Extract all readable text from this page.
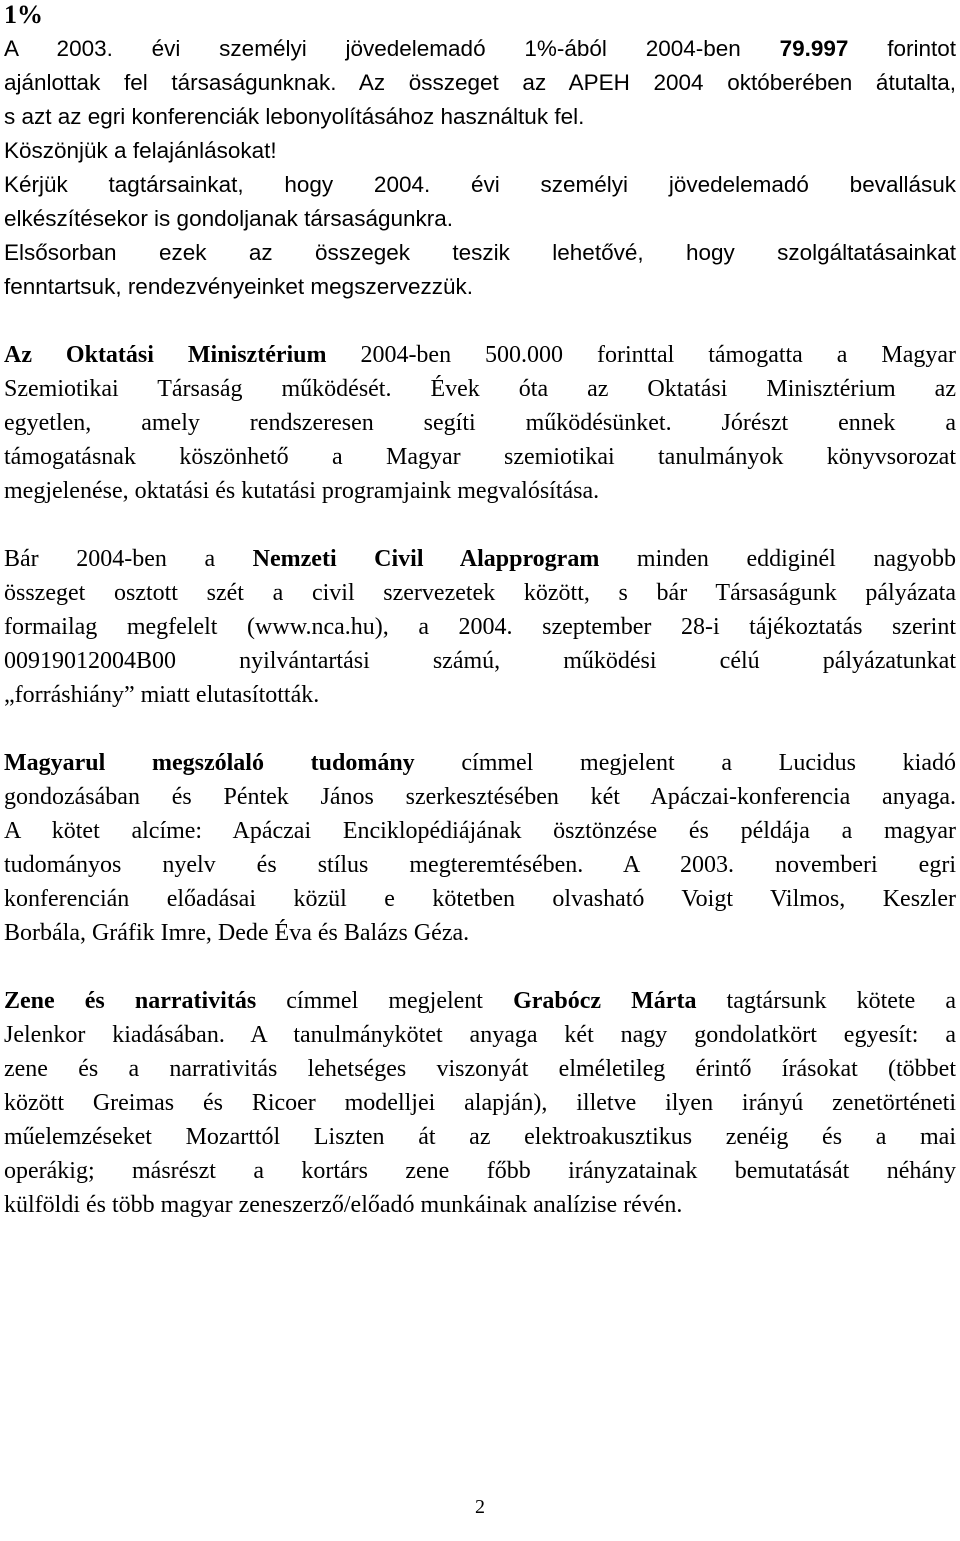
1%
A 2003. évi személyi jövedelemadó 1%-ából 2004-ben 79.997 forintot
ajánlottak fel társaságunknak. Az összeget az APEH 2004 októberében átutalta,
s azt az egri konferenciák lebonyolításához használtuk fel.
Köszönjük a felajánlásokat!
Kérjük tagtársainkat, hogy 2004. évi személyi jövedelemadó bevallásuk
elkészítésekor is gondoljanak társaságunkra.
Elsősorban ezek az összegek teszik lehetővé, hogy szolgáltatásainkat
fenntartsuk, rendezvényeinket megszervezzük.
Az Oktatási Minisztérium 2004-ben 500.000 forinttal támogatta a Magyar
Szemiotikai Társaság működését. Évek óta az Oktatási Minisztérium az
egyetlen, amely rendszeresen segíti működésünket. Jórészt ennek a
támogatásnak köszönhető a Magyar szemiotikai tanulmányok könyvsorozat
megjelenése, oktatási és kutatási programjaink megvalósítása.
Bár 2004-ben a Nemzeti Civil Alapprogram minden eddiginél nagyobb
összeget osztott szét a civil szervezetek között, s bár Társaságunk pályázata
formailag megfelelt (www.nca.hu), a 2004. szeptember 28-i tájékoztatás szerint
00919012004B00 nyilvántartási számú, működési célú pályázatunkat
„forráshiány” miatt elutasították.
Magyarul megszólaló tudomány címmel megjelent a Lucidus kiadó
gondozásában és Péntek János szerkesztésében két Apáczai-konferencia anyaga.
A kötet alcíme: Apáczai Enciklopédiájának ösztönzése és példája a magyar
tudományos nyelv és stílus megteremtésében. A 2003. novemberi egri
konferencián előadásai közül e kötetben olvasható Voigt Vilmos, Keszler
Borbála, Gráfik Imre, Dede Éva és Balázs Géza.
Zene és narrativitás címmel megjelent Grabócz Márta tagtársunk kötete a
Jelenkor kiadásában. A tanulmánykötet anyaga két nagy gondolatkört egyesít: a
zene és a narrativitás lehetséges viszonyát elméletileg érintő írásokat (többet
között Greimas és Ricoer modelljei alapján), illetve ilyen irányú zenetörténeti
műelemzéseket Mozarttól Liszten át az elektroakusztikus zenéig és a mai
operákig; másrészt a kortárs zene főbb irányzatainak bemutatását néhány
külföldi és több magyar zeneszerző/előadó munkáinak analízise révén.
2
